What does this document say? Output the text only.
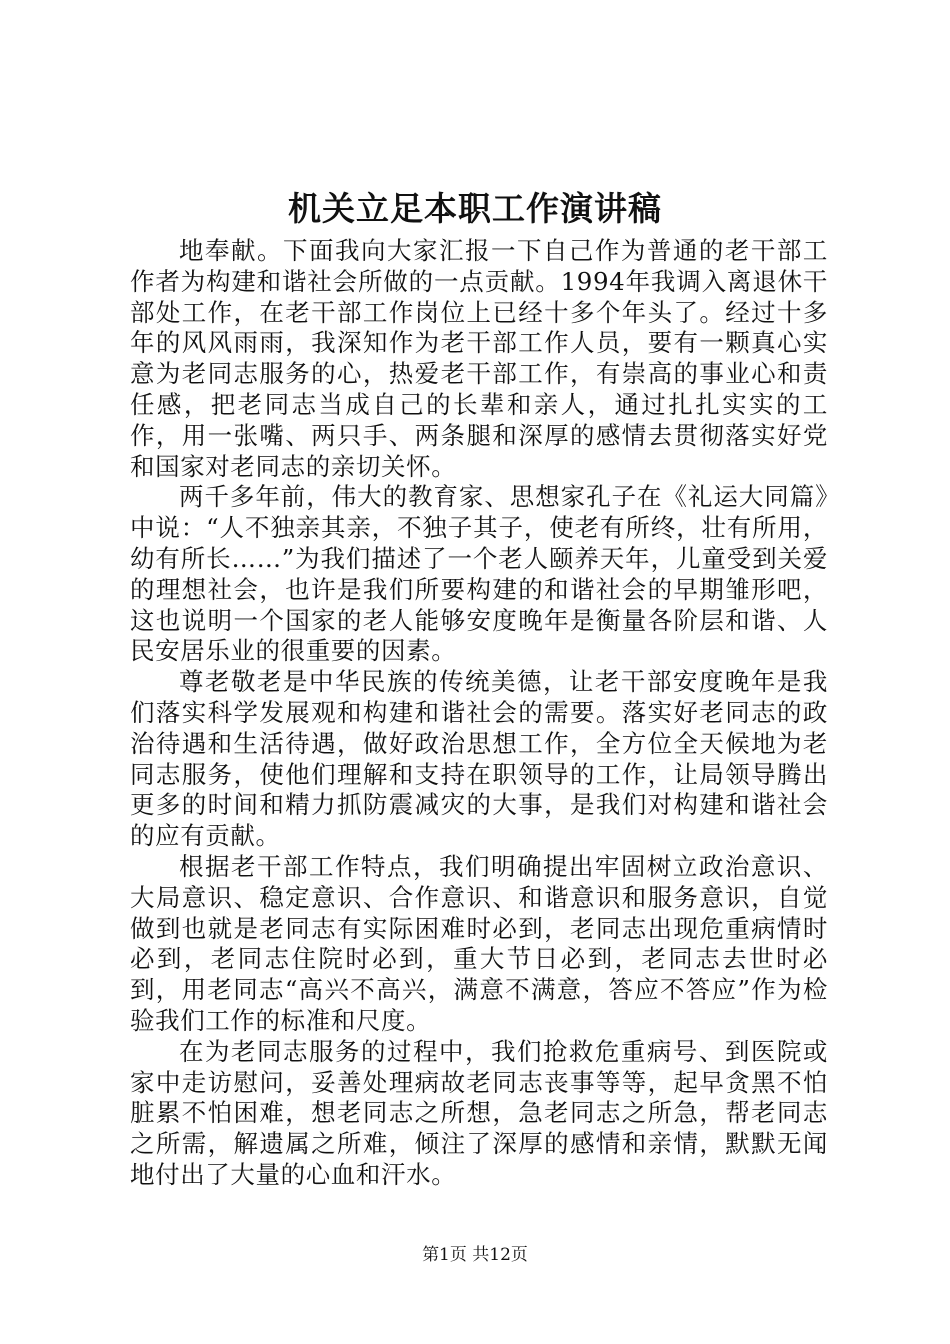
机关立足本职工作演讲稿

地奉献。下面我向大家汇报一下自己作为普通的老干部工作者为构建和谐社会所做的一点贡献。1994年我调入离退休干部处工作，在老干部工作岗位上已经十多个年头了。经过十多年的风风雨雨，我深知作为老干部工作人员，要有一颗真心实意为老同志服务的心，热爱老干部工作，有崇高的事业心和责任感，把老同志当成自己的长辈和亲人，通过扎扎实实的工作，用一张嘴、两只手、两条腿和深厚的感情去贯彻落实好党和国家对老同志的亲切关怀。

两千多年前，伟大的教育家、思想家孔子在《礼运大同篇》中说：“人不独亲其亲，不独子其子，使老有所终，壮有所用，幼有所长……”为我们描述了一个老人颐养天年，儿童受到关爱的理想社会，也许是我们所要构建的和谐社会的早期雏形吧，这也说明一个国家的老人能够安度晚年是衡量各阶层和谐、人民安居乐业的很重要的因素。

尊老敬老是中华民族的传统美德，让老干部安度晚年是我们落实科学发展观和构建和谐社会的需要。落实好老同志的政治待遇和生活待遇，做好政治思想工作，全方位全天候地为老同志服务，使他们理解和支持在职领导的工作，让局领导腾出更多的时间和精力抓防震减灾的大事，是我们对构建和谐社会的应有贡献。

根据老干部工作特点，我们明确提出牢固树立政治意识、大局意识、稳定意识、合作意识、和谐意识和服务意识，自觉做到也就是老同志有实际困难时必到，老同志出现危重病情时必到，老同志住院时必到，重大节日必到，老同志去世时必到，用老同志“高兴不高兴，满意不满意，答应不答应”作为检验我们工作的标准和尺度。

在为老同志服务的过程中，我们抢救危重病号、到医院或家中走访慰问，妥善处理病故老同志丧事等等，起早贪黑不怕脏累不怕困难，想老同志之所想，急老同志之所急，帮老同志之所需，解遗属之所难，倾注了深厚的感情和亲情，默默无闻地付出了大量的心血和汗水。

第1页 共12页
